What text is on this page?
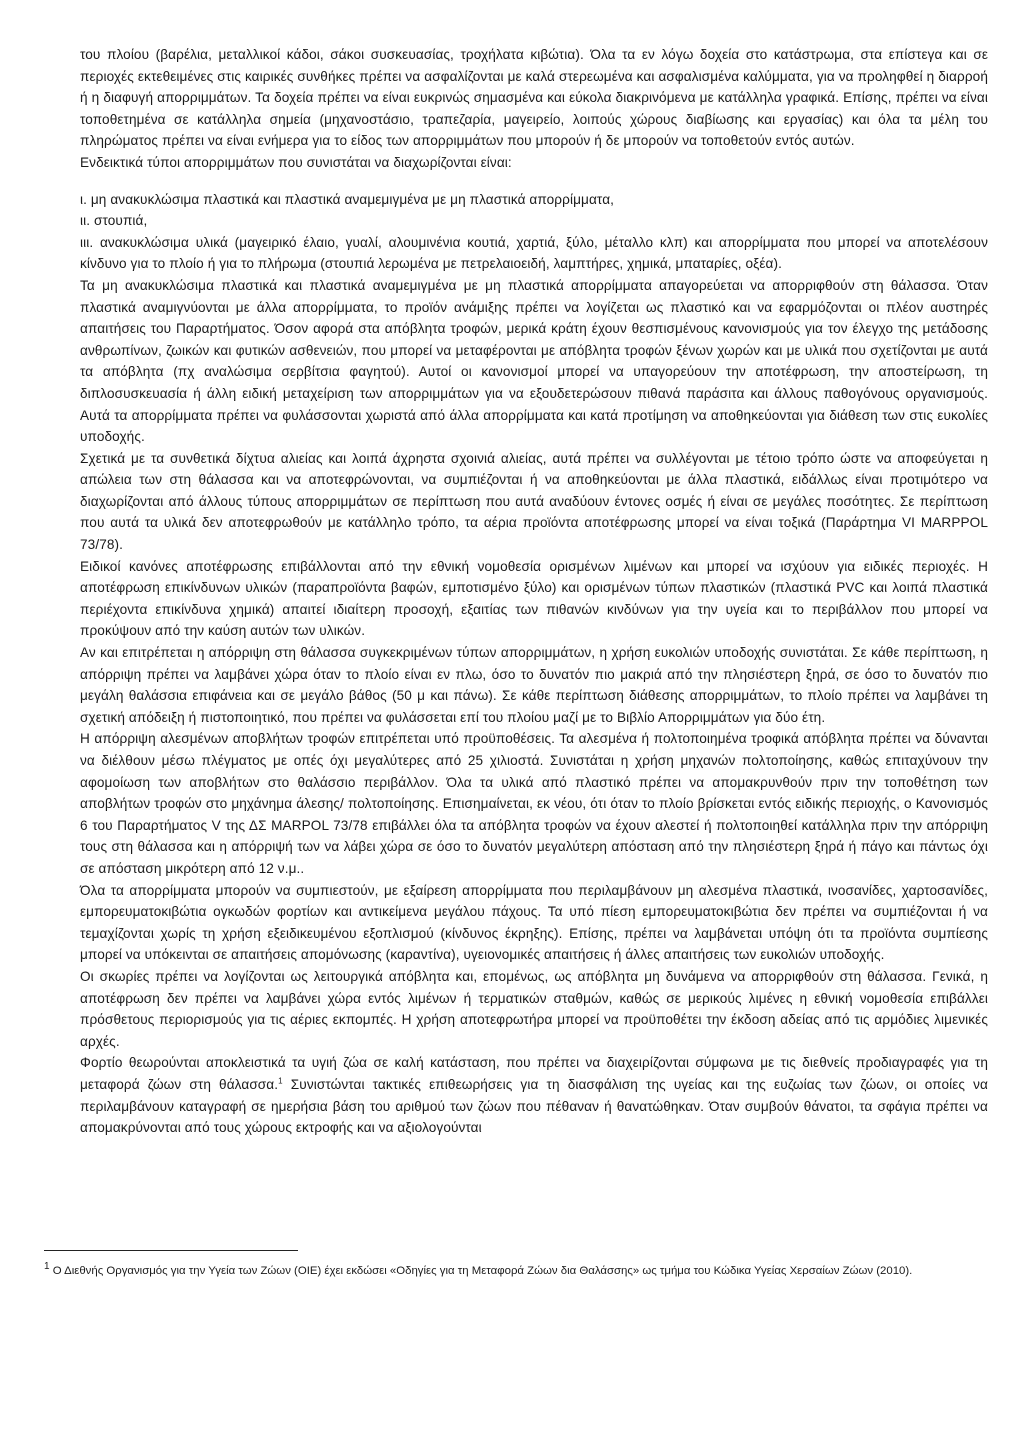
του πλοίου (βαρέλια, μεταλλικοί κάδοι, σάκοι συσκευασίας, τροχήλατα κιβώτια). Όλα τα εν λόγω δοχεία στο κατάστρωμα, στα επίστεγα και σε περιοχές εκτεθειμένες στις καιρικές συνθήκες πρέπει να ασφαλίζονται με καλά στερεωμένα και ασφαλισμένα καλύμματα, για να προληφθεί η διαρροή ή η διαφυγή απορριμμάτων. Τα δοχεία πρέπει να είναι ευκρινώς σημασμένα και εύκολα διακρινόμενα με κατάλληλα γραφικά. Επίσης, πρέπει να είναι τοποθετημένα σε κατάλληλα σημεία (μηχανοστάσιο, τραπεζαρία, μαγειρείο, λοιπούς χώρους διαβίωσης και εργασίας) και όλα τα μέλη του πληρώματος πρέπει να είναι ενήμερα για το είδος των απορριμμάτων που μπορούν ή δε μπορούν να τοποθετούν εντός αυτών.

Ενδεικτικά τύποι απορριμμάτων που συνιστάται να διαχωρίζονται είναι:

ι. μη ανακυκλώσιμα πλαστικά και πλαστικά αναμεμιγμένα με μη πλαστικά απορρίμματα,

ιι. στουπιά,

ιιι. ανακυκλώσιμα υλικά (μαγειρικό έλαιο, γυαλί, αλουμινένια κουτιά, χαρτιά, ξύλο, μέταλλο κλπ) και απορρίμματα που μπορεί να αποτελέσουν κίνδυνο για το πλοίο ή για το πλήρωμα (στουπιά λερωμένα με πετρελαιοειδή, λαμπτήρες, χημικά, μπαταρίες, οξέα).

Τα μη ανακυκλώσιμα πλαστικά και πλαστικά αναμεμιγμένα με μη πλαστικά απορρίμματα απαγορεύεται να απορριφθούν στη θάλασσα. Όταν πλαστικά αναμιγνύονται με άλλα απορρίμματα, το προϊόν ανάμιξης πρέπει να λογίζεται ως πλαστικό και να εφαρμόζονται οι πλέον αυστηρές απαιτήσεις του Παραρτήματος. Όσον αφορά στα απόβλητα τροφών, μερικά κράτη έχουν θεσπισμένους κανονισμούς για τον έλεγχο της μετάδοσης ανθρωπίνων, ζωικών και φυτικών ασθενειών, που μπορεί να μεταφέρονται με απόβλητα τροφών ξένων χωρών και με υλικά που σχετίζονται με αυτά τα απόβλητα (πχ αναλώσιμα σερβίτσια φαγητού). Αυτοί οι κανονισμοί μπορεί να υπαγορεύουν την αποτέφρωση, την αποστείρωση, τη διπλοσυσκευασία ή άλλη ειδική μεταχείριση των απορριμμάτων για να εξουδετερώσουν πιθανά παράσιτα και άλλους παθογόνους οργανισμούς. Αυτά τα απορρίμματα πρέπει να φυλάσσονται χωριστά από άλλα απορρίμματα και κατά προτίμηση να αποθηκεύονται για διάθεση των στις ευκολίες υποδοχής.

Σχετικά με τα συνθετικά δίχτυα αλιείας και λοιπά άχρηστα σχοινιά αλιείας, αυτά πρέπει να συλλέγονται με τέτοιο τρόπο ώστε να αποφεύγεται η απώλεια των στη θάλασσα και να αποτεφρώνονται, να συμπιέζονται ή να αποθηκεύονται με άλλα πλαστικά, ειδάλλως είναι προτιμότερο να διαχωρίζονται από άλλους τύπους απορριμμάτων σε περίπτωση που αυτά αναδύουν έντονες οσμές ή είναι σε μεγάλες ποσότητες. Σε περίπτωση που αυτά τα υλικά δεν αποτεφρωθούν με κατάλληλο τρόπο, τα αέρια προϊόντα αποτέφρωσης μπορεί να είναι τοξικά (Παράρτημα VI MARPPOL 73/78).

Ειδικοί κανόνες αποτέφρωσης επιβάλλονται από την εθνική νομοθεσία ορισμένων λιμένων και μπορεί να ισχύουν για ειδικές περιοχές. Η αποτέφρωση επικίνδυνων υλικών (παραπροϊόντα βαφών, εμποτισμένο ξύλο) και ορισμένων τύπων πλαστικών (πλαστικά PVC και λοιπά πλαστικά περιέχοντα επικίνδυνα χημικά) απαιτεί ιδιαίτερη προσοχή, εξαιτίας των πιθανών κινδύνων για την υγεία και το περιβάλλον που μπορεί να προκύψουν από την καύση αυτών των υλικών.

Αν και επιτρέπεται η απόρριψη στη θάλασσα συγκεκριμένων τύπων απορριμμάτων, η χρήση ευκολιών υποδοχής συνιστάται. Σε κάθε περίπτωση, η απόρριψη πρέπει να λαμβάνει χώρα όταν το πλοίο είναι εν πλω, όσο το δυνατόν πιο μακριά από την πλησιέστερη ξηρά, σε όσο το δυνατόν πιο μεγάλη θαλάσσια επιφάνεια και σε μεγάλο βάθος (50 μ και πάνω). Σε κάθε περίπτωση διάθεσης απορριμμάτων, το πλοίο πρέπει να λαμβάνει τη σχετική απόδειξη ή πιστοποιητικό, που πρέπει να φυλάσσεται επί του πλοίου μαζί με το Βιβλίο Απορριμμάτων για δύο έτη.

Η απόρριψη αλεσμένων αποβλήτων τροφών επιτρέπεται υπό προϋποθέσεις. Τα αλεσμένα ή πολτοποιημένα τροφικά απόβλητα πρέπει να δύνανται να διέλθουν μέσω πλέγματος με οπές όχι μεγαλύτερες από 25 χιλιοστά. Συνιστάται η χρήση μηχανών πολτοποίησης, καθώς επιταχύνουν την αφομοίωση των αποβλήτων στο θαλάσσιο περιβάλλον. Όλα τα υλικά από πλαστικό πρέπει να απομακρυνθούν πριν την τοποθέτηση των αποβλήτων τροφών στο μηχάνημα άλεσης/ πολτοποίησης. Επισημαίνεται, εκ νέου, ότι όταν το πλοίο βρίσκεται εντός ειδικής περιοχής, ο Κανονισμός 6 του Παραρτήματος V της ΔΣ MARPOL 73/78 επιβάλλει όλα τα απόβλητα τροφών να έχουν αλεστεί ή πολτοποιηθεί κατάλληλα πριν την απόρριψη τους στη θάλασσα και η απόρριψή των να λάβει χώρα σε όσο το δυνατόν μεγαλύτερη απόσταση από την πλησιέστερη ξηρά ή πάγο και πάντως όχι σε απόσταση μικρότερη από 12 ν.μ..

Όλα τα απορρίμματα μπορούν να συμπιεστούν, με εξαίρεση απορρίμματα που περιλαμβάνουν μη αλεσμένα πλαστικά, ινοσανίδες, χαρτοσανίδες, εμπορευματοκιβώτια ογκωδών φορτίων και αντικείμενα μεγάλου πάχους. Τα υπό πίεση εμπορευματοκιβώτια δεν πρέπει να συμπιέζονται ή να τεμαχίζονται χωρίς τη χρήση εξειδικευμένου εξοπλισμού (κίνδυνος έκρηξης). Επίσης, πρέπει να λαμβάνεται υπόψη ότι τα προϊόντα συμπίεσης μπορεί να υπόκεινται σε απαιτήσεις απομόνωσης (καραντίνα), υγειονομικές απαιτήσεις ή άλλες απαιτήσεις των ευκολιών υποδοχής.

Οι σκωρίες πρέπει να λογίζονται ως λειτουργικά απόβλητα και, επομένως, ως απόβλητα μη δυνάμενα να απορριφθούν στη θάλασσα. Γενικά, η αποτέφρωση δεν πρέπει να λαμβάνει χώρα εντός λιμένων ή τερματικών σταθμών, καθώς σε μερικούς λιμένες η εθνική νομοθεσία επιβάλλει πρόσθετους περιορισμούς για τις αέριες εκπομπές. Η χρήση αποτεφρωτήρα μπορεί να προϋποθέτει την έκδοση αδείας από τις αρμόδιες λιμενικές αρχές.

Φορτίο θεωρούνται αποκλειστικά τα υγιή ζώα σε καλή κατάσταση, που πρέπει να διαχειρίζονται σύμφωνα με τις διεθνείς προδιαγραφές για τη μεταφορά ζώων στη θάλασσα.$^1$ Συνιστώνται τακτικές επιθεωρήσεις για τη διασφάλιση της υγείας και της ευζωίας των ζώων, οι οποίες να περιλαμβάνουν καταγραφή σε ημερήσια βάση του αριθμού των ζώων που πέθαναν ή θανατώθηκαν. Όταν συμβούν θάνατοι, τα σφάγια πρέπει να απομακρύνονται από τους χώρους εκτροφής και να αξιολογούνται

$^1$ Ο Διεθνής Οργανισμός για την Υγεία των Ζώων (OIE) έχει εκδώσει «Οδηγίες για τη Μεταφορά Ζώων δια Θαλάσσης» ως τμήμα του Κώδικα Υγείας Χερσαίων Ζώων (2010).
